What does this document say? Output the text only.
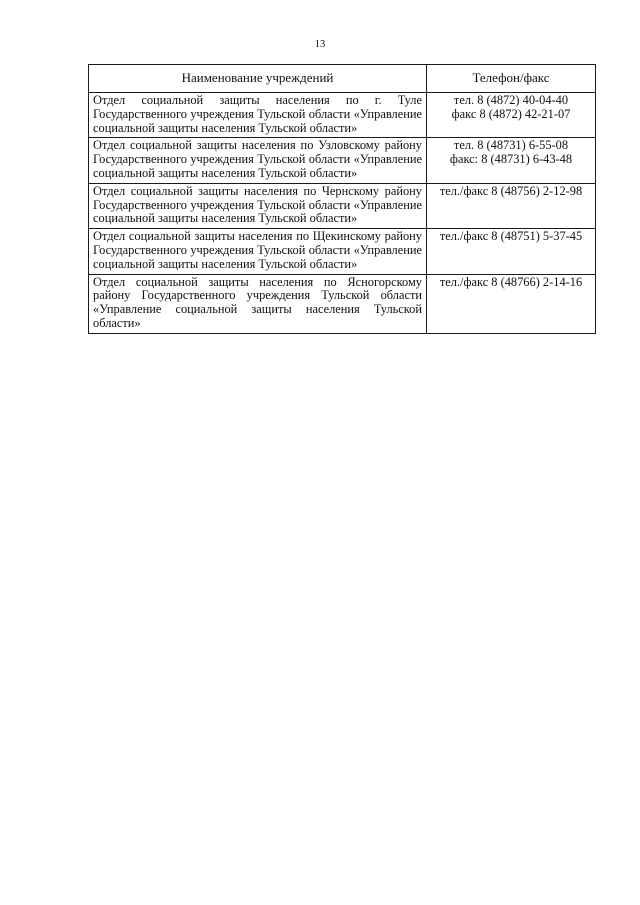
13
Наименование учреждений	Телефон/факс
Отдел социальной защиты населения по г. Туле Государственного учреждения Тульской области «Управление социальной защиты населения Тульской области»	тел. 8 (4872) 40-04-40
факс 8 (4872) 42-21-07

Отдел социальной защиты населения по Узловскому району Государственного учреждения Тульской области «Управление социальной защиты населения Тульской области»	тел. 8 (48731) 6-55-08
факс: 8 (48731) 6-43-48

Отдел социальной защиты населения по Чернскому району Государственного учреждения Тульской области «Управление социальной защиты населения Тульской области»	тел./факс 8 (48756) 2-12-98

Отдел социальной защиты населения по Щекинскому району Государственного учреждения Тульской области «Управление социальной защиты населения Тульской области»	тел./факс 8 (48751) 5-37-45

Отдел социальной защиты населения по Ясногорскому району Государственного учреждения Тульской области «Управление социальной защиты населения Тульской области»	тел./факс 8 (48766) 2-14-16
